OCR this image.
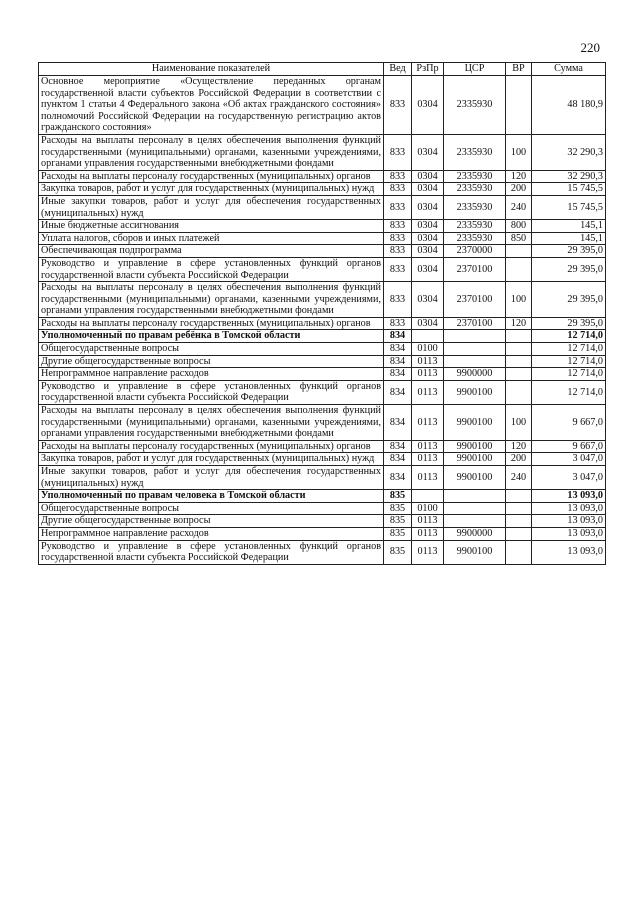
220
Наименование показателей	Вед	РзПр	ЦСР	ВР	Сумма
Основное мероприятие «Осуществление переданных органам государственной власти субъектов Российской Федерации в соответствии с пунктом 1 статьи 4 Федерального закона «Об актах гражданского состояния» полномочий Российской Федерации на государственную регистрацию актов гражданского состояния»	833	0304	2335930		48 180,9
Расходы на выплаты персоналу в целях обеспечения выполнения функций государственными (муниципальными) органами, казенными учреждениями, органами управления государственными внебюджетными фондами	833	0304	2335930	100	32 290,3
Расходы на выплаты персоналу государственных (муниципальных) органов	833	0304	2335930	120	32 290,3
Закупка товаров, работ и услуг для государственных (муниципальных) нужд	833	0304	2335930	200	15 745,5
Иные закупки товаров, работ и услуг для обеспечения государственных (муниципальных) нужд	833	0304	2335930	240	15 745,5
Иные бюджетные ассигнования	833	0304	2335930	800	145,1
Уплата налогов, сборов и иных платежей	833	0304	2335930	850	145,1
Обеспечивающая подпрограмма	833	0304	2370000		29 395,0
Руководство и управление в сфере установленных функций органов государственной власти субъекта Российской Федерации	833	0304	2370100		29 395,0
Расходы на выплаты персоналу в целях обеспечения выполнения функций государственными (муниципальными) органами, казенными учреждениями, органами управления государственными внебюджетными фондами	833	0304	2370100	100	29 395,0
Расходы на выплаты персоналу государственных (муниципальных) органов	833	0304	2370100	120	29 395,0
Уполномоченный по правам ребёнка в Томской области	834				12 714,0
Общегосударственные вопросы	834	0100			12 714,0
Другие общегосударственные вопросы	834	0113			12 714,0
Непрограммное направление расходов	834	0113	9900000		12 714,0
Руководство и управление в сфере установленных функций органов государственной власти субъекта Российской Федерации	834	0113	9900100		12 714,0
Расходы на выплаты персоналу в целях обеспечения выполнения функций государственными (муниципальными) органами, казенными учреждениями, органами управления государственными внебюджетными фондами	834	0113	9900100	100	9 667,0
Расходы на выплаты персоналу государственных (муниципальных) органов	834	0113	9900100	120	9 667,0
Закупка товаров, работ и услуг для государственных (муниципальных) нужд	834	0113	9900100	200	3 047,0
Иные закупки товаров, работ и услуг для обеспечения государственных (муниципальных) нужд	834	0113	9900100	240	3 047,0
Уполномоченный по правам человека в Томской области	835				13 093,0
Общегосударственные вопросы	835	0100			13 093,0
Другие общегосударственные вопросы	835	0113			13 093,0
Непрограммное направление расходов	835	0113	9900000		13 093,0
Руководство и управление в сфере установленных функций органов государственной власти субъекта Российской Федерации	835	0113	9900100		13 093,0
